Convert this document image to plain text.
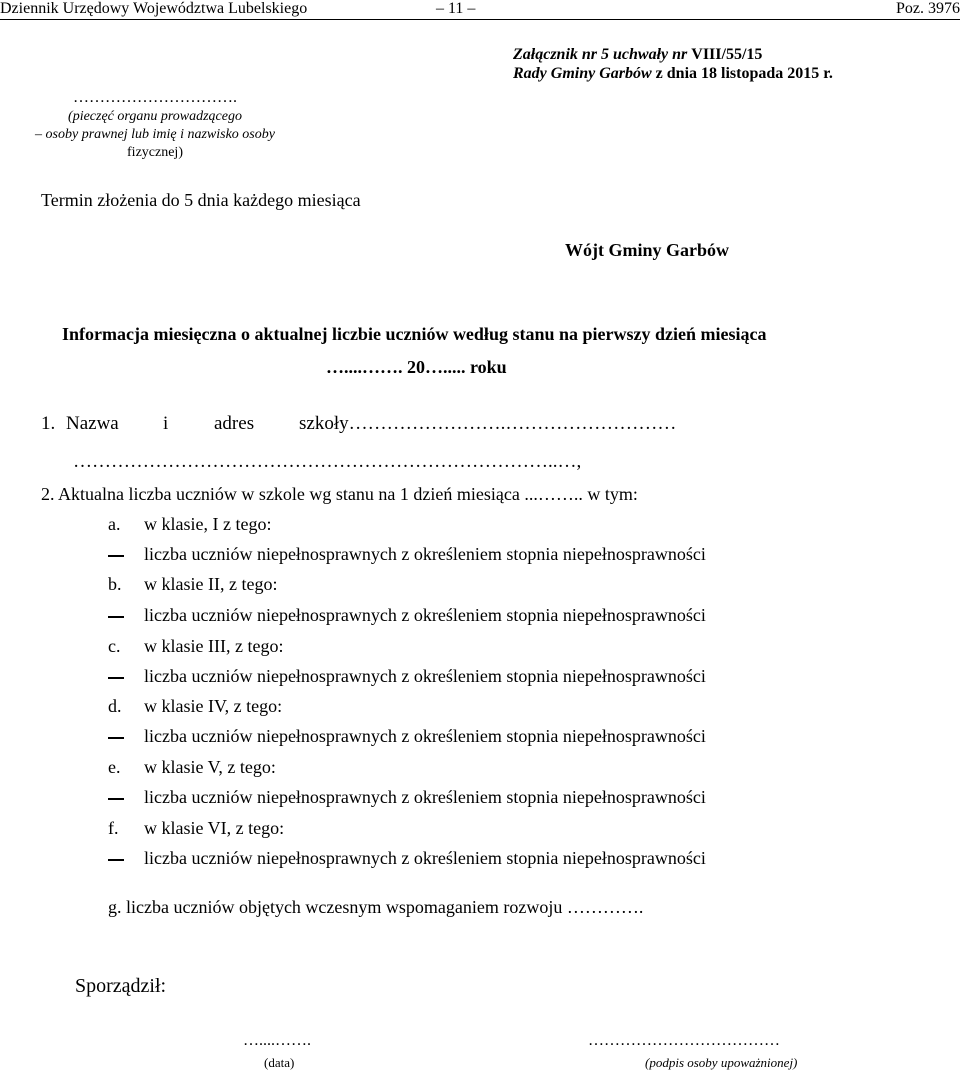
Dziennik Urzędowy Województwa Lubelskiego	– 11 –	Poz. 3976
Załącznik nr 5 uchwały nr VIII/55/15
Rady Gminy Garbów z dnia 18 listopada 2015 r.
………………………….
(pieczęć organu prowadzącego
– osoby prawnej lub imię i nazwisko osoby
fizycznej)
Termin złożenia do 5 dnia każdego miesiąca
Wójt Gminy Garbów
Informacja miesięczna o aktualnej liczbie uczniów według stanu na pierwszy dzień miesiąca
…....……. 20…..... roku
1. Nazwa i adres szkoły…………………….………………………
…………………………………………………………………..…,
2. Aktualna liczba uczniów w szkole wg stanu na 1 dzień miesiąca ...…….. w tym:
a. w klasie, I z tego:
liczba uczniów niepełnosprawnych z określeniem stopnia niepełnosprawności
b. w klasie II, z tego:
liczba uczniów niepełnosprawnych z określeniem stopnia niepełnosprawności
c. w klasie III, z tego:
liczba uczniów niepełnosprawnych z określeniem stopnia niepełnosprawności
d. w klasie IV, z tego:
liczba uczniów niepełnosprawnych z określeniem stopnia niepełnosprawności
e. w klasie V, z tego:
liczba uczniów niepełnosprawnych z określeniem stopnia niepełnosprawności
f. w klasie VI, z tego:
liczba uczniów niepełnosprawnych z określeniem stopnia niepełnosprawności
g. liczba uczniów objętych wczesnym wspomaganiem rozwoju ………….
Sporządził:
…....…….
(data)
………………………………
(podpis osoby upoważnionej)
